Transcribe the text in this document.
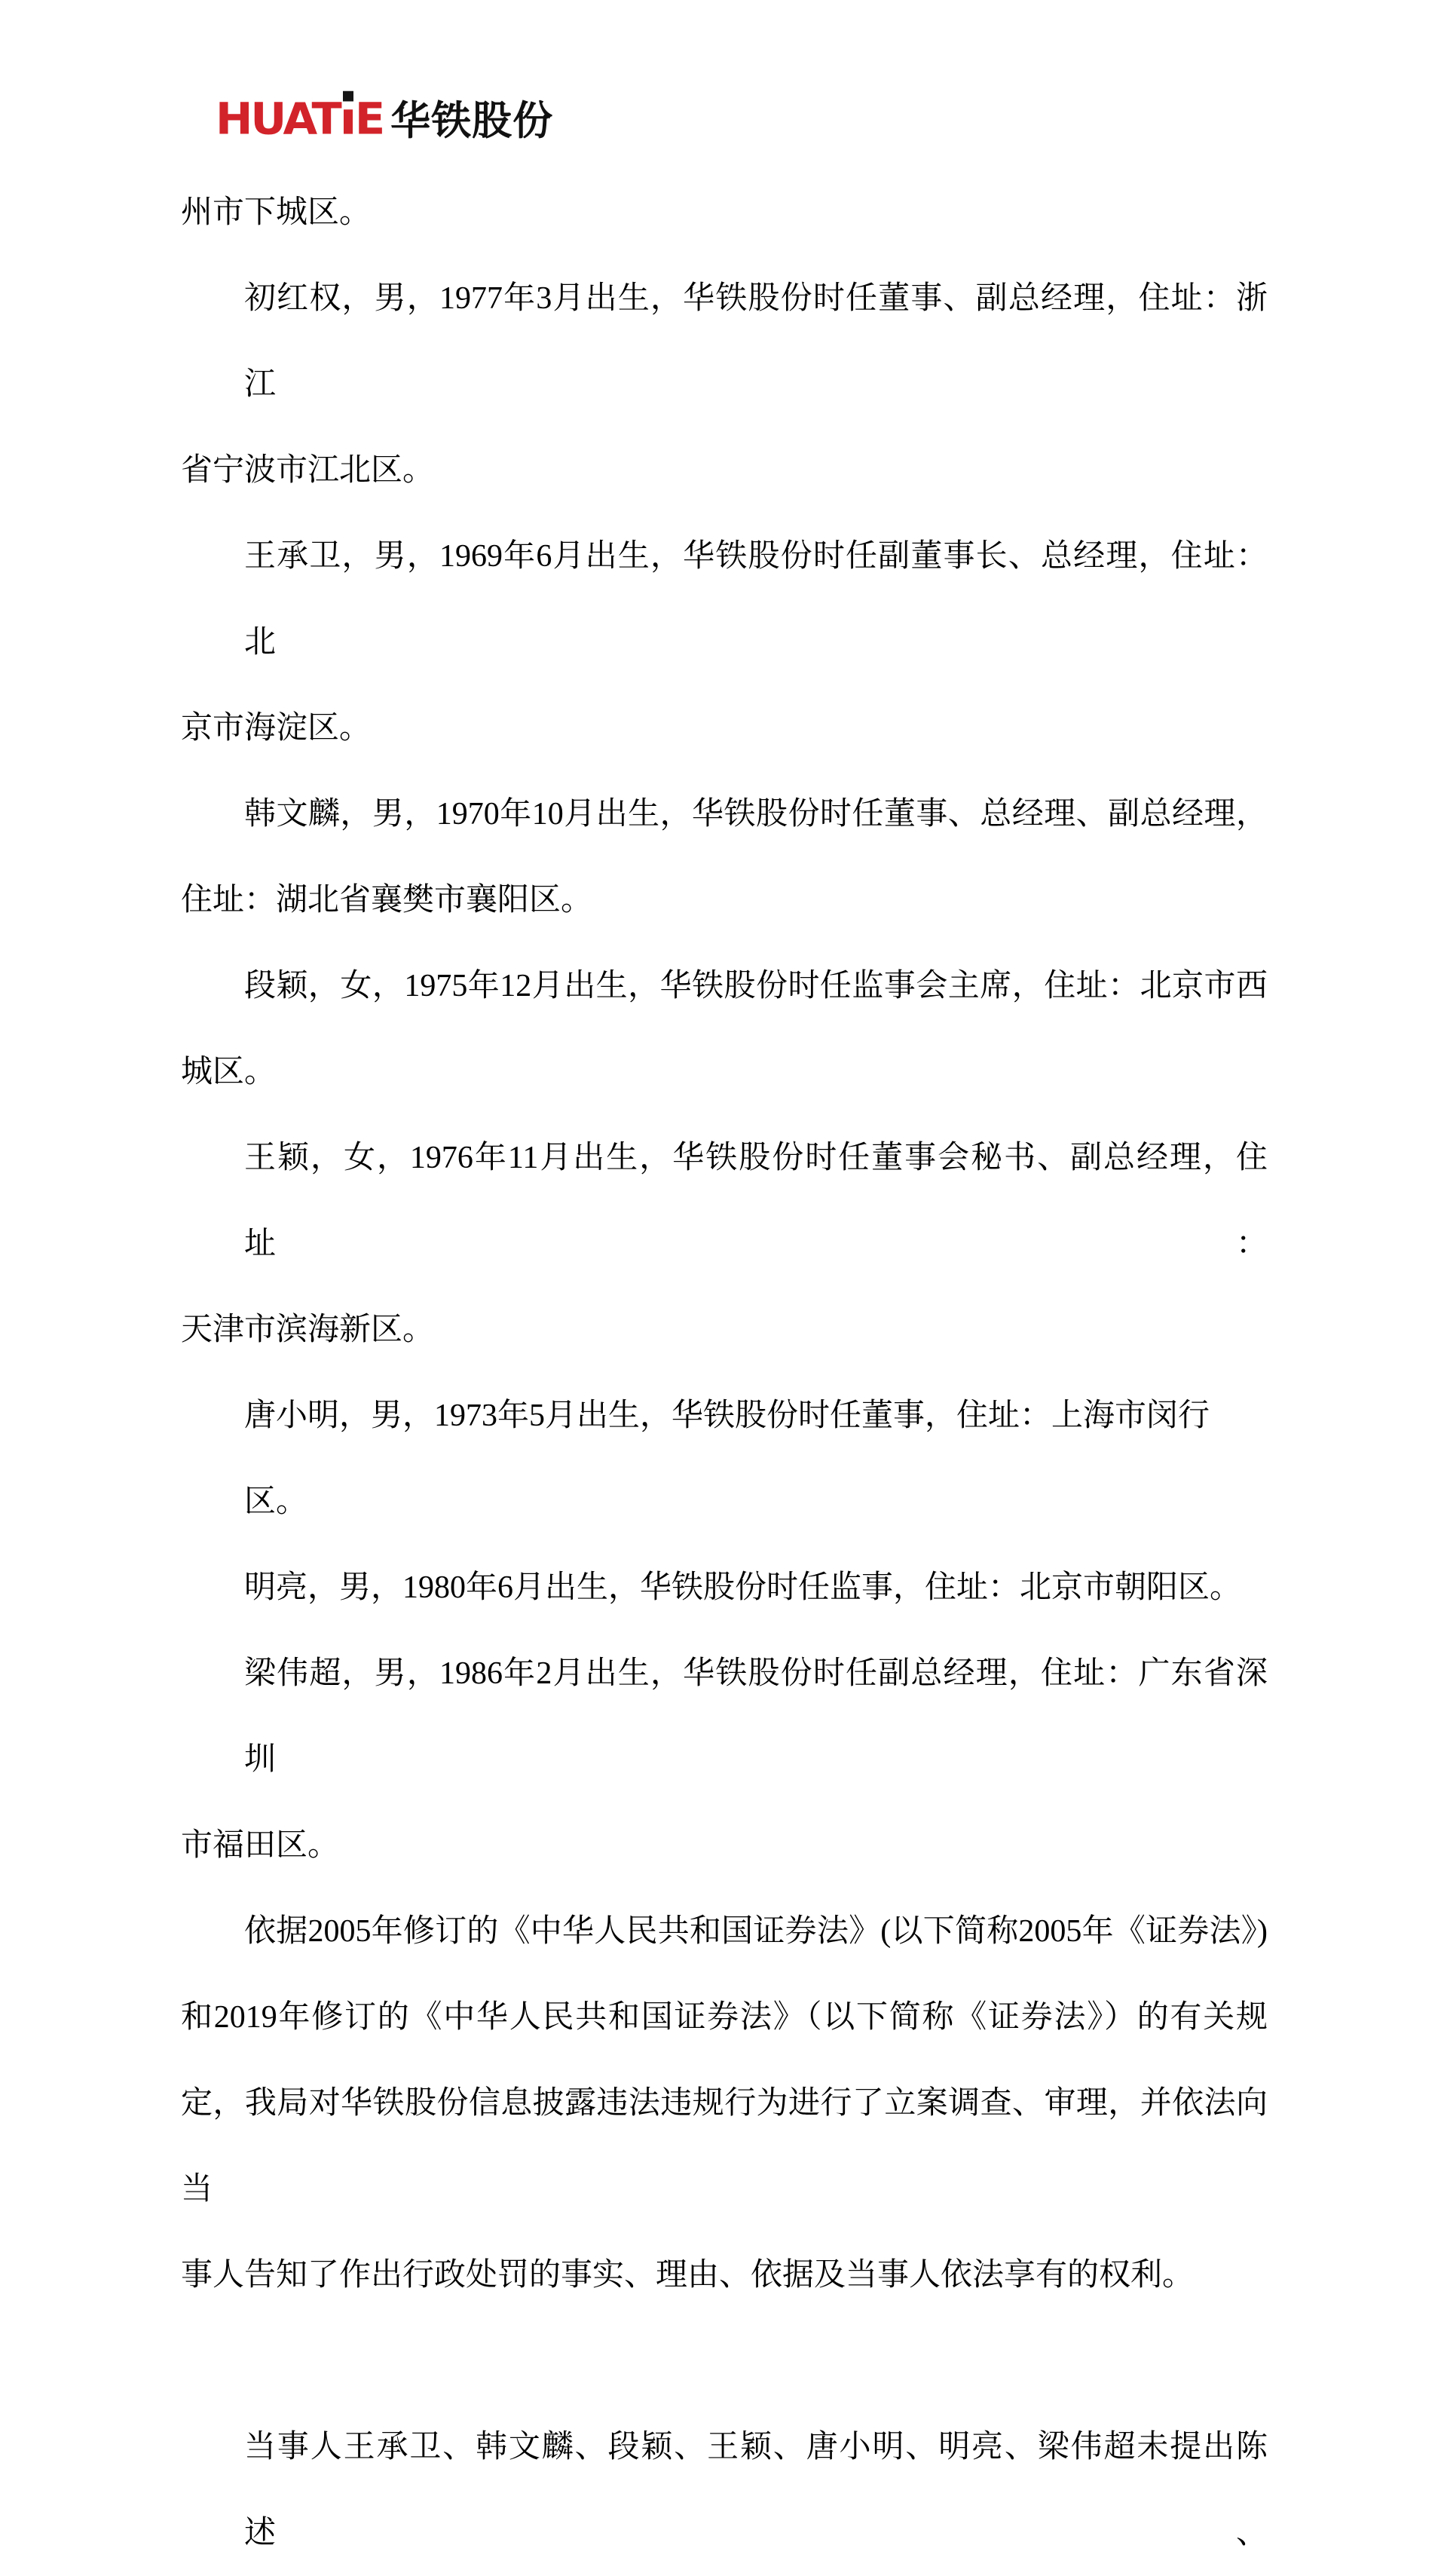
HUAT E 华铁股份
州市下城区。
初红权，男，1977年3月出生，华铁股份时任董事、副总经理，住址：浙江
省宁波市江北区。
王承卫，男，1969年6月出生，华铁股份时任副董事长、总经理，住址：北
京市海淀区。
韩文麟，男，1970年10月出生，华铁股份时任董事、总经理、副总经理，
住址：湖北省襄樊市襄阳区。
段颖，女，1975年12月出生，华铁股份时任监事会主席，住址：北京市西
城区。
王颖，女，1976年11月出生，华铁股份时任董事会秘书、副总经理，住址：
天津市滨海新区。
唐小明，男，1973年5月出生，华铁股份时任董事，住址：上海市闵行区。
明亮，男，1980年6月出生，华铁股份时任监事，住址：北京市朝阳区。
梁伟超，男，1986年2月出生，华铁股份时任副总经理，住址：广东省深圳
市福田区。
依据2005年修订的《中华人民共和国证券法》(以下简称2005年《证券法》)
和2019年修订的《中华人民共和国证券法》（以下简称《证券法》）的有关规
定，我局对华铁股份信息披露违法违规行为进行了立案调查、审理，并依法向当
事人告知了作出行政处罚的事实、理由、依据及当事人依法享有的权利。
当事人王承卫、韩文麟、段颖、王颖、唐小明、明亮、梁伟超未提出陈述、
